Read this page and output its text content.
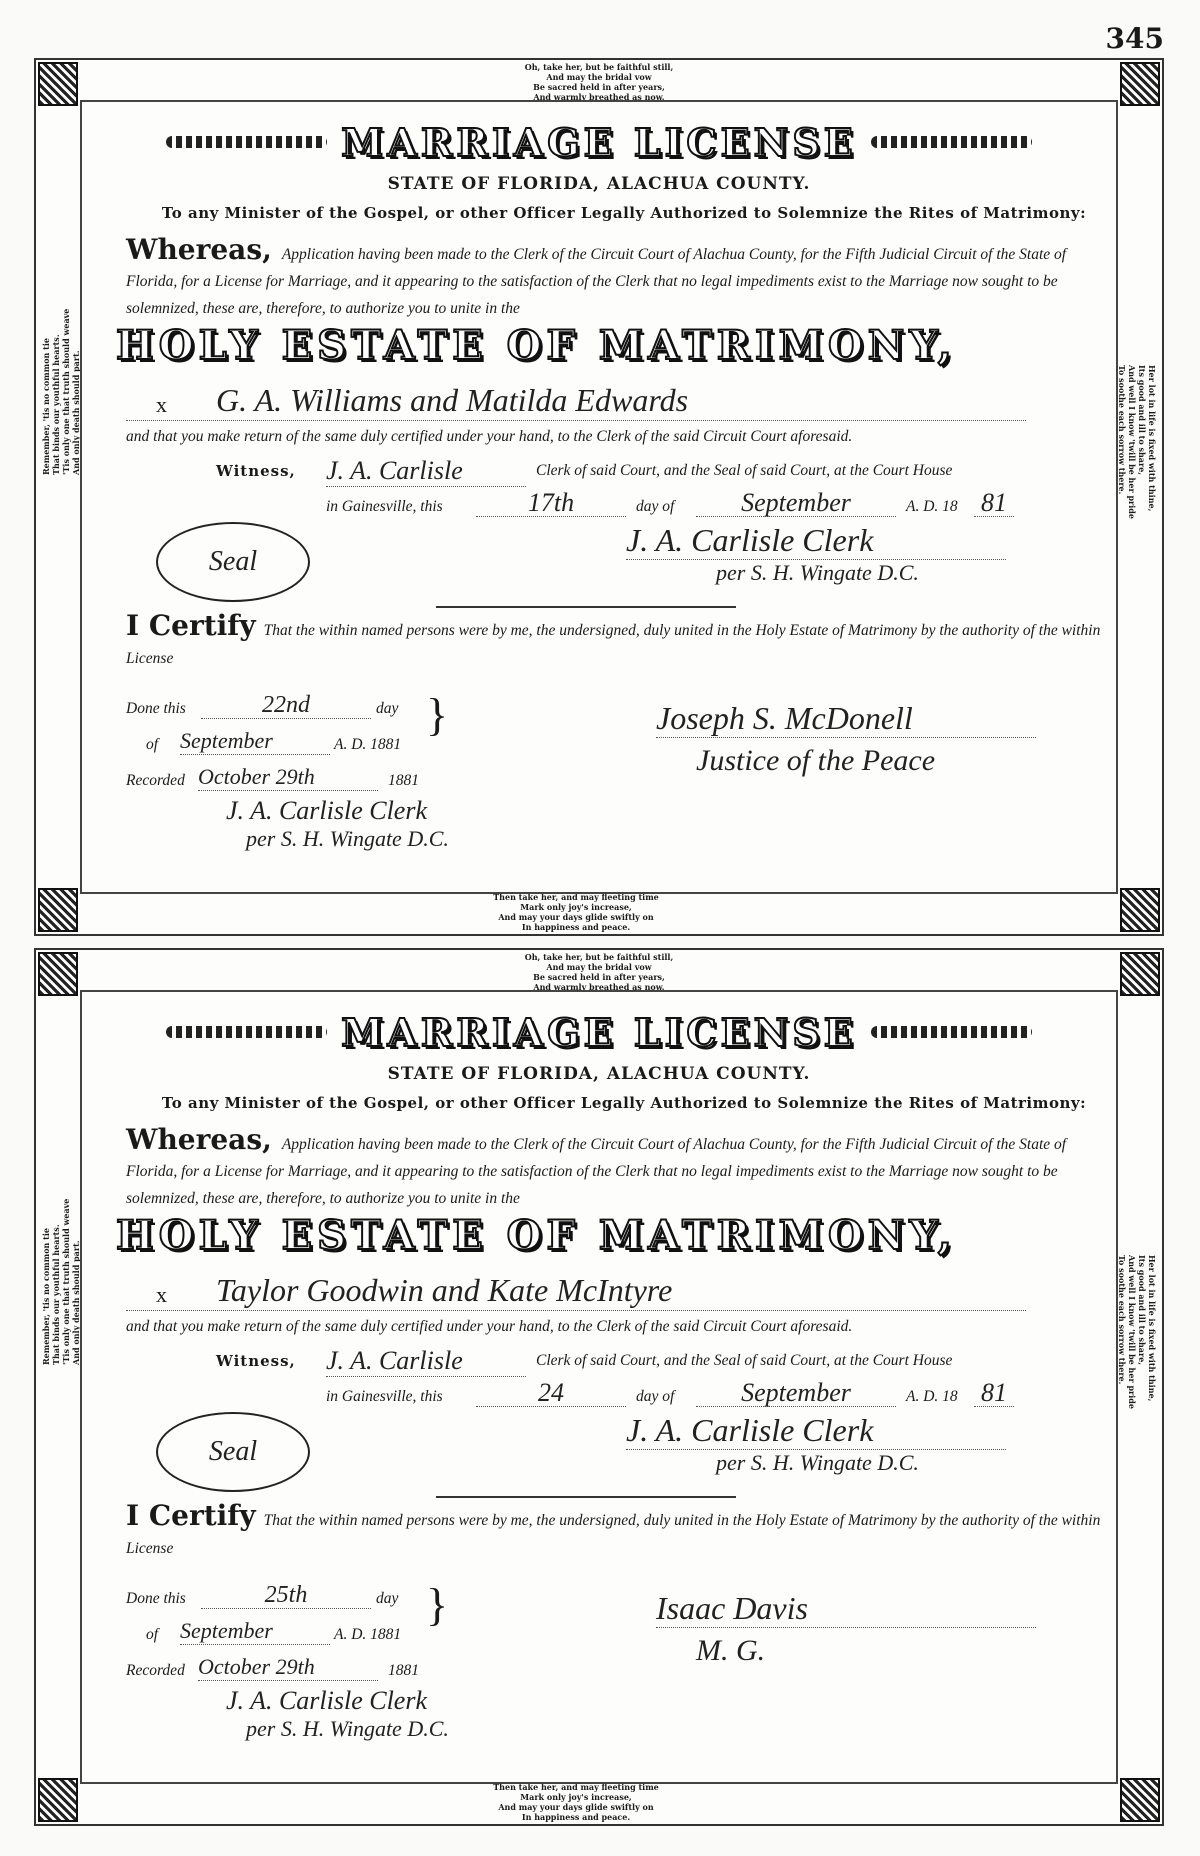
345
Oh, take her, but be faithful still,
And may the bridal vow
Be sacred held in after years,
And warmly breathed as now.
Then take her, and may fleeting time
Mark only joy's increase,
And may your days glide swiftly on
In happiness and peace.
Remember, 'tis no common tie That binds our youthful hearts. 'Tis only one that truth should weave And only death should part.	Her lot in life is fixed with thine,
Its good and ill to share,
And well I know 'twill be her pride
To soothe each sorrow there.
MARRIAGE LICENSE
STATE OF FLORIDA, ALACHUA COUNTY.
To any Minister of the Gospel, or other Officer Legally Authorized to Solemnize the Rites of Matrimony:
Whereas, Application having been made to the Clerk of the Circuit Court of Alachua County, for the Fifth Judicial Circuit of the State of Florida, for a License for Marriage, and it appearing to the satisfaction of the Clerk that no legal impediments exist to the Marriage now sought to be solemnized, these are, therefore, to authorize you to unite in the
HOLY ESTATE OF MATRIMONY,
x G. A. Williams and Matilda Edwards
and that you make return of the same duly certified under your hand, to the Clerk of the said Circuit Court aforesaid.
Witness, J. A. Carlisle	Clerk of said Court, and the Seal of said Court, at the Court House
in Gainesville, this	17th	day of	September	A. D. 18 81
Seal
J. A. Carlisle Clerk
per S. H. Wingate D.C.
I Certify That the within named persons were by me, the undersigned, duly united in the Holy Estate of Matrimony by the authority of the within License
Done this	22nd	day }
of September	A. D. 1881
Recorded October 29th	1881
J. A. Carlisle Clerk
per S. H. Wingate D.C.
Joseph S. McDonell
Justice of the Peace
Oh, take her, but be faithful still,
And may the bridal vow
Be sacred held in after years,
And warmly breathed as now.
Then take her, and may fleeting time
Mark only joy's increase,
And may your days glide swiftly on
In happiness and peace.
Remember, 'tis no common tie That binds our youthful hearts. 'Tis only one that truth should weave And only death should part.	Her lot in life is fixed with thine,
Its good and ill to share,
And well I know 'twill be her pride
To soothe each sorrow there.
MARRIAGE LICENSE
STATE OF FLORIDA, ALACHUA COUNTY.
To any Minister of the Gospel, or other Officer Legally Authorized to Solemnize the Rites of Matrimony:
Whereas, Application having been made to the Clerk of the Circuit Court of Alachua County, for the Fifth Judicial Circuit of the State of Florida, for a License for Marriage, and it appearing to the satisfaction of the Clerk that no legal impediments exist to the Marriage now sought to be solemnized, these are, therefore, to authorize you to unite in the
HOLY ESTATE OF MATRIMONY,
x Taylor Goodwin and Kate McIntyre
and that you make return of the same duly certified under your hand, to the Clerk of the said Circuit Court aforesaid.
Witness, J. A. Carlisle	Clerk of said Court, and the Seal of said Court, at the Court House
in Gainesville, this	24	day of	September	A. D. 18 81
Seal
J. A. Carlisle Clerk
per S. H. Wingate D.C.
I Certify That the within named persons were by me, the undersigned, duly united in the Holy Estate of Matrimony by the authority of the within License
Done this	25th	day }
of September	A. D. 1881
Recorded October 29th	1881
J. A. Carlisle Clerk
per S. H. Wingate D.C.
Isaac Davis
M. G.
